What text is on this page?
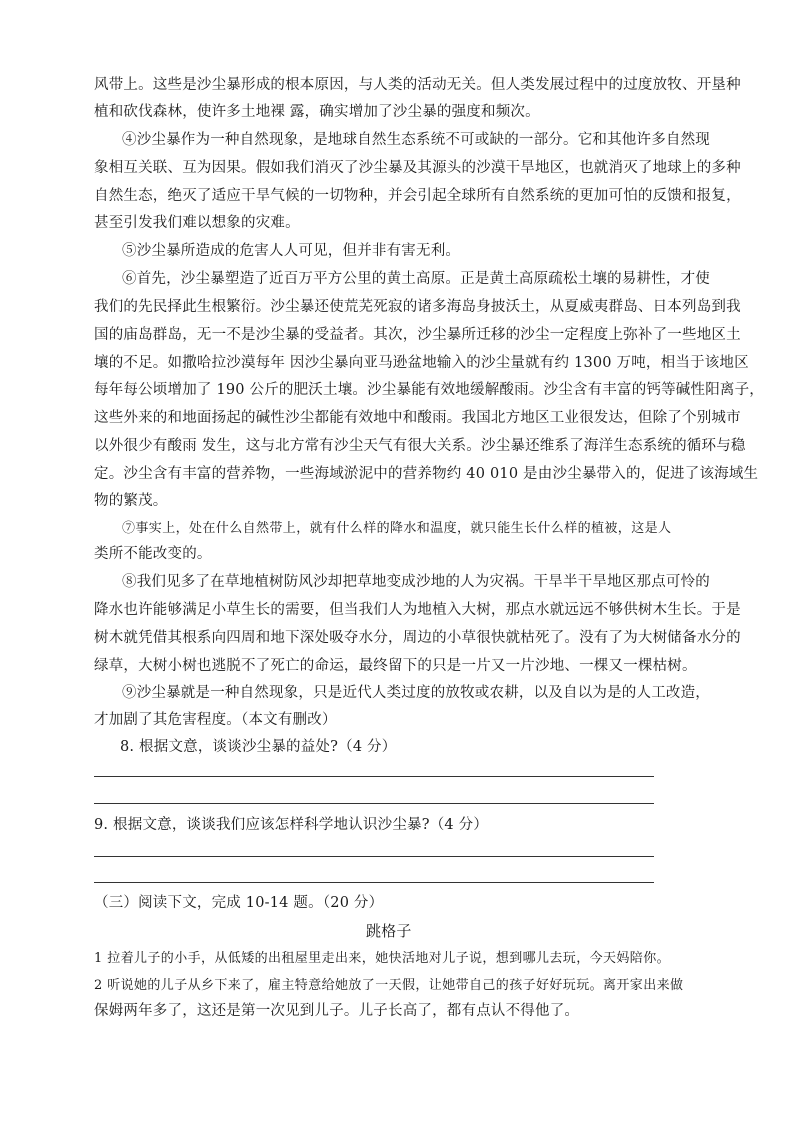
风带上。这些是沙尘暴形成的根本原因，与人类的活动无关。但人类发展过程中的过度放牧、开垦种
植和砍伐森林，使许多土地裸 露，确实增加了沙尘暴的强度和频次。
④沙尘暴作为一种自然现象，是地球自然生态系统不可或缺的一部分。它和其他许多自然现
象相互关联、互为因果。假如我们消灭了沙尘暴及其源头的沙漠干旱地区，也就消灭了地球上的多种
自然生态，绝灭了适应干旱气候的一切物种，并会引起全球所有自然系统的更加可怕的反馈和报复，
甚至引发我们难以想象的灾难。
⑤沙尘暴所造成的危害人人可见，但并非有害无利。
⑥首先，沙尘暴塑造了近百万平方公里的黄土高原。正是黄土高原疏松土壤的易耕性，才使
我们的先民择此生根繁衍。沙尘暴还使荒芜死寂的诸多海岛身披沃土，从夏威夷群岛、日本列岛到我
国的庙岛群岛，无一不是沙尘暴的受益者。其次，沙尘暴所迁移的沙尘一定程度上弥补了一些地区土
壤的不足。如撒哈拉沙漠每年 因沙尘暴向亚马逊盆地输入的沙尘量就有约 1300 万吨，相当于该地区
每年每公顷增加了 190 公斤的肥沃土壤。沙尘暴能有效地缓解酸雨。沙尘含有丰富的钙等碱性阳离子，
这些外来的和地面扬起的碱性沙尘都能有效地中和酸雨。我国北方地区工业很发达，但除了个别城市
以外很少有酸雨 发生，这与北方常有沙尘天气有很大关系。沙尘暴还维系了海洋生态系统的循环与稳
定。沙尘含有丰富的营养物，一些海域淤泥中的营养物约 40 010 是由沙尘暴带入的，促进了该海域生
物的繁茂。
⑦事实上，处在什么自然带上，就有什么样的降水和温度，就只能生长什么样的植被，这是人
类所不能改变的。
⑧我们见多了在草地植树防风沙却把草地变成沙地的人为灾祸。干旱半干旱地区那点可怜的
降水也许能够满足小草生长的需要，但当我们人为地植入大树，那点水就远远不够供树木生长。于是
树木就凭借其根系向四周和地下深处吸夺水分，周边的小草很快就枯死了。没有了为大树储备水分的
绿草，大树小树也逃脱不了死亡的命运，最终留下的只是一片又一片沙地、一棵又一棵枯树。
⑨沙尘暴就是一种自然现象，只是近代人类过度的放牧或农耕，以及自以为是的人工改造，
才加剧了其危害程度。（本文有删改）
8. 根据文意，谈谈沙尘暴的益处?（4 分）
9. 根据文意，谈谈我们应该怎样科学地认识沙尘暴?（4 分）
（三）阅读下文，完成 10-14 题。（20 分）
跳格子
1 拉着儿子的小手，从低矮的出租屋里走出来，她快活地对儿子说，想到哪儿去玩，今天妈陪你。
2 听说她的儿子从乡下来了，雇主特意给她放了一天假，让她带自己的孩子好好玩玩。离开家出来做
保姆两年多了，这还是第一次见到儿子。儿子长高了，都有点认不得他了。
